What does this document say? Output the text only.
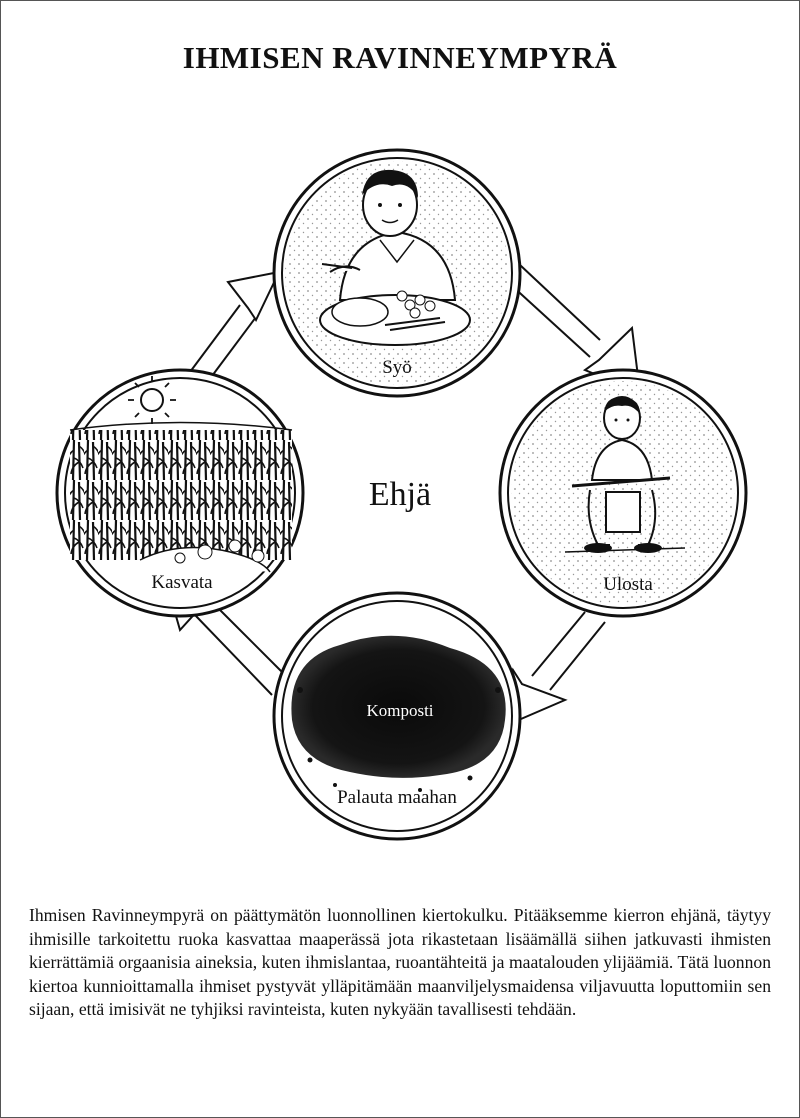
IHMISEN RAVINNEYMPYRÄ
Syö
Ulosta
Komposti
Palauta maahan
Kasvata
Ehjä
Ihmisen Ravinneympyrä on päättymätön luonnollinen kiertokulku. Pitääksemme kierron ehjänä, täytyy ihmisille tarkoitettu ruoka kasvattaa maaperässä jota rikastetaan lisäämällä siihen jatkuvasti ihmisten kierrättämiä orgaanisia aineksia, kuten ihmislantaa, ruoantähteitä ja maatalouden ylijäämiä. Tätä luonnon kiertoa kunnioittamalla ihmiset pystyvät ylläpitämään maanviljelysmaidensa viljavuutta loputtomiin sen sijaan, että imisivät ne tyhjiksi ravinteista, kuten nykyään tavallisesti tehdään.
